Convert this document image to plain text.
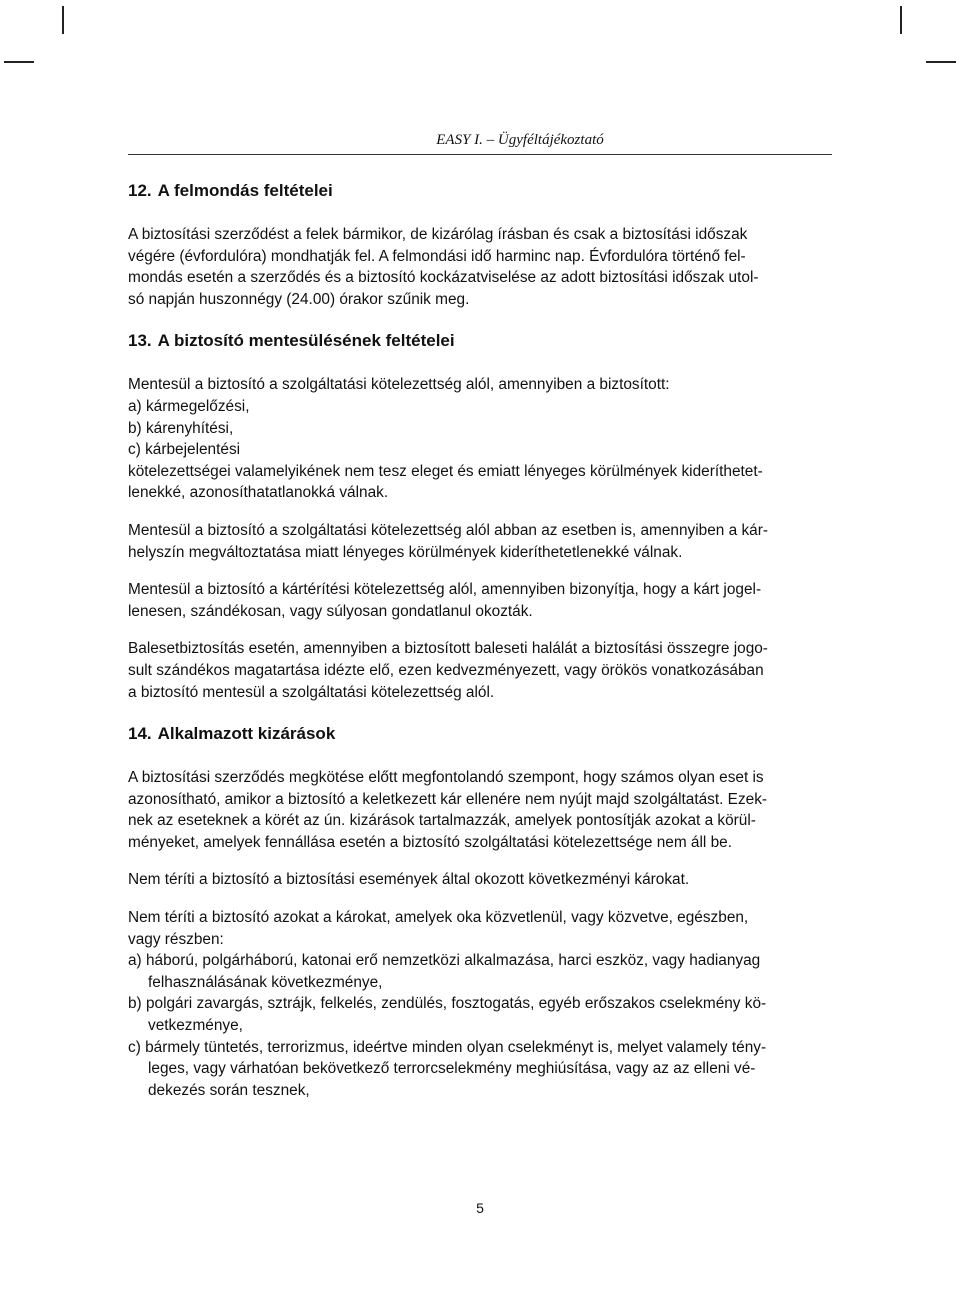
EASY I. – Ügyféltájékoztató
12. A felmondás feltételei

A biztosítási szerződést a felek bármikor, de kizárólag írásban és csak a biztosítási időszak
végére (évfordulóra) mondhatják fel. A felmondási idő harminc nap. Évfordulóra történő fel-
mondás esetén a szerződés és a biztosító kockázatviselése az adott biztosítási időszak utol-
só napján huszonnégy (24.00) órakor szűnik meg.

13. A biztosító mentesülésének feltételei
Mentesül a biztosító a szolgáltatási kötelezettség alól, amennyiben a biztosított:
a) kármegelőzési,
b) kárenyhítési,
c) kárbejelentési
kötelezettségei valamelyikének nem tesz eleget és emiatt lényeges körülmények kideríthetet-
lenekké, azonosíthatatlanokká válnak.

Mentesül a biztosító a szolgáltatási kötelezettség alól abban az esetben is, amennyiben a kár-
helyszín megváltoztatása miatt lényeges körülmények kideríthetetlenekké válnak.

Mentesül a biztosító a kártérítési kötelezettség alól, amennyiben bizonyítja, hogy a kárt jogel-
lenesen, szándékosan, vagy súlyosan gondatlanul okozták.

Balesetbiztosítás esetén, amennyiben a biztosított baleseti halálát a biztosítási összegre jogo-
sult szándékos magatartása idézte elő, ezen kedvezményezett, vagy örökös vonatkozásában
a biztosító mentesül a szolgáltatási kötelezettség alól.

14. Alkalmazott kizárások

A biztosítási szerződés megkötése előtt megfontolandó szempont, hogy számos olyan eset is
azonosítható, amikor a biztosító a keletkezett kár ellenére nem nyújt majd szolgáltatást. Ezek-
nek az eseteknek a körét az ún. kizárások tartalmazzák, amelyek pontosítják azokat a körül-
ményeket, amelyek fennállása esetén a biztosító szolgáltatási kötelezettsége nem áll be.

Nem téríti a biztosító a biztosítási események által okozott következményi károkat.

Nem téríti a biztosító azokat a károkat, amelyek oka közvetlenül, vagy közvetve, egészben,
vagy részben:
a) háború, polgárháború, katonai erő nemzetközi alkalmazása, harci eszköz, vagy hadianyag
felhasználásának következménye,
b) polgári zavargás, sztrájk, felkelés, zendülés, fosztogatás, egyéb erőszakos cselekmény kö-
vetkezménye,
c) bármely tüntetés, terrorizmus, ideértve minden olyan cselekményt is, melyet valamely tény-
leges, vagy várhatóan bekövetkező terrorcselekmény meghiúsítása, vagy az az elleni vé-
dekezés során tesznek,
5
